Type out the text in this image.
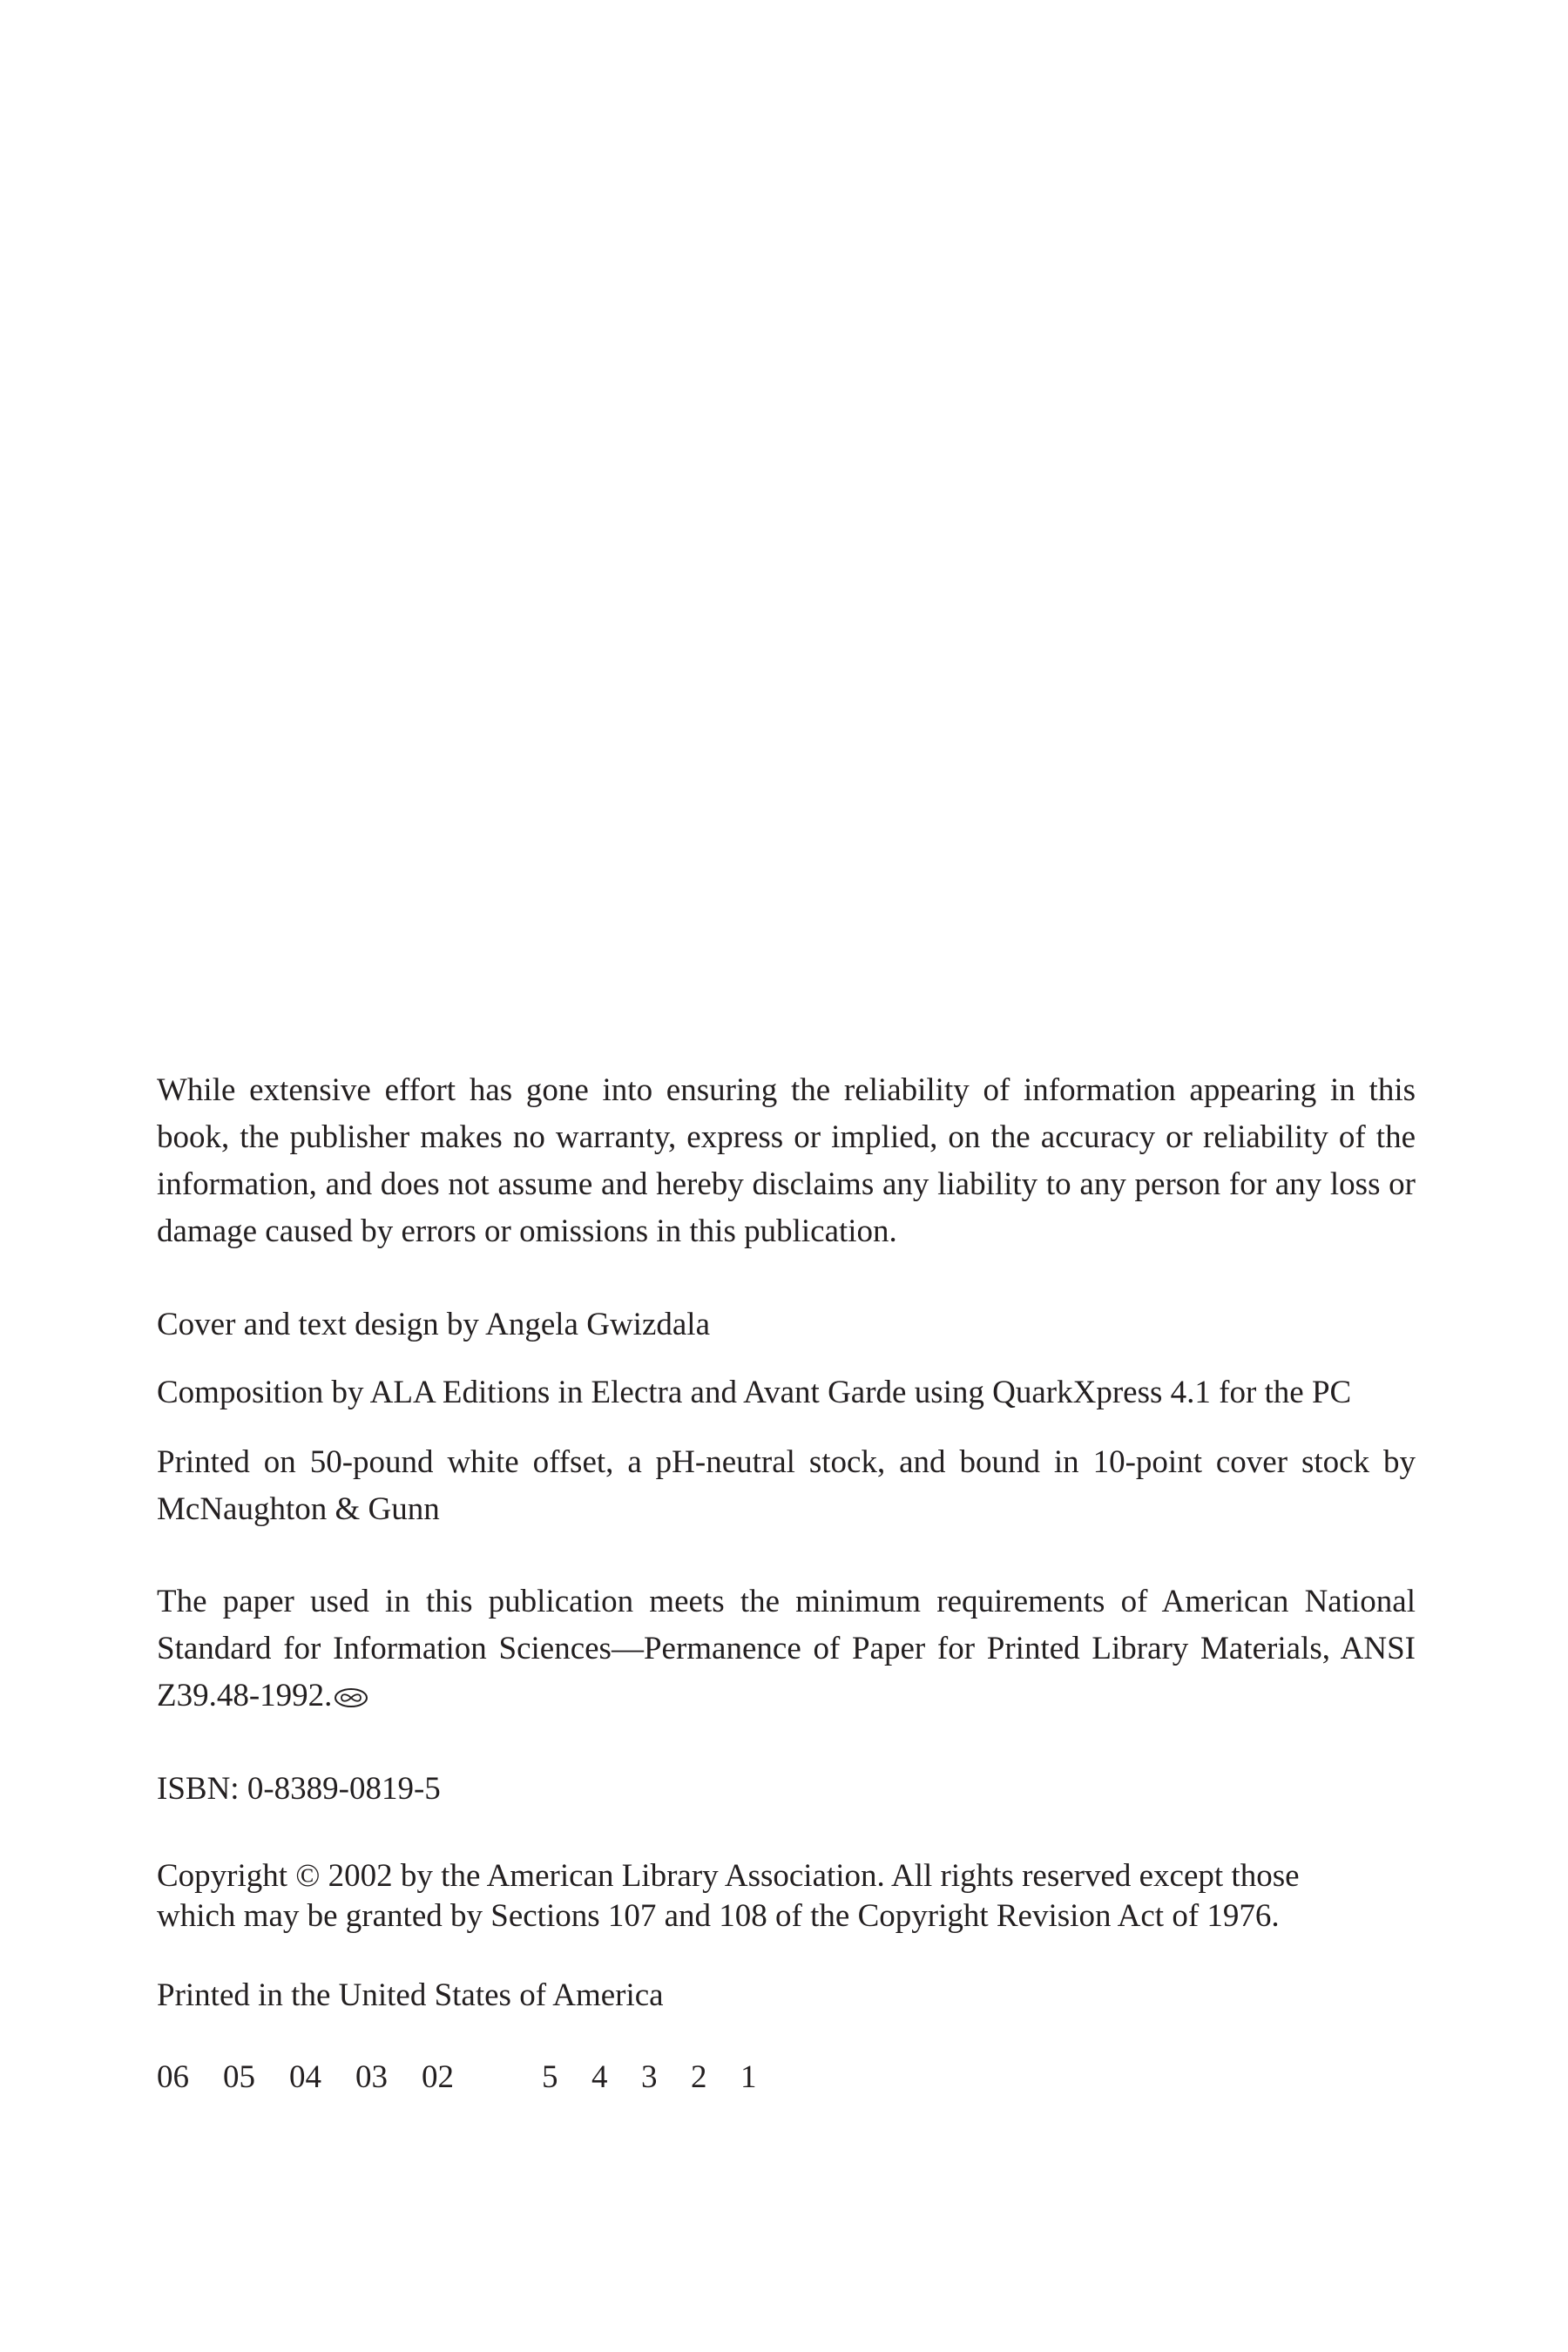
While extensive effort has gone into ensuring the reliability of information appearing in this book, the publisher makes no warranty, express or implied, on the accuracy or reliability of the information, and does not assume and hereby disclaims any liability to any person for any loss or damage caused by errors or omissions in this publication.

Cover and text design by Angela Gwizdala

Composition by ALA Editions in Electra and Avant Garde using QuarkXpress 4.1 for the PC

Printed on 50-pound white offset, a pH-neutral stock, and bound in 10-point cover stock by McNaughton & Gunn

The paper used in this publication meets the minimum requirements of American National Standard for Information Sciences—Permanence of Paper for Printed Library Materials, ANSI Z39.48-1992.

ISBN: 0-8389-0819-5

Copyright © 2002 by the American Library Association. All rights reserved except those
which may be granted by Sections 107 and 108 of the Copyright Revision Act of 1976.

Printed in the United States of America

06 05 04 03 02	5 4 3 2 1
